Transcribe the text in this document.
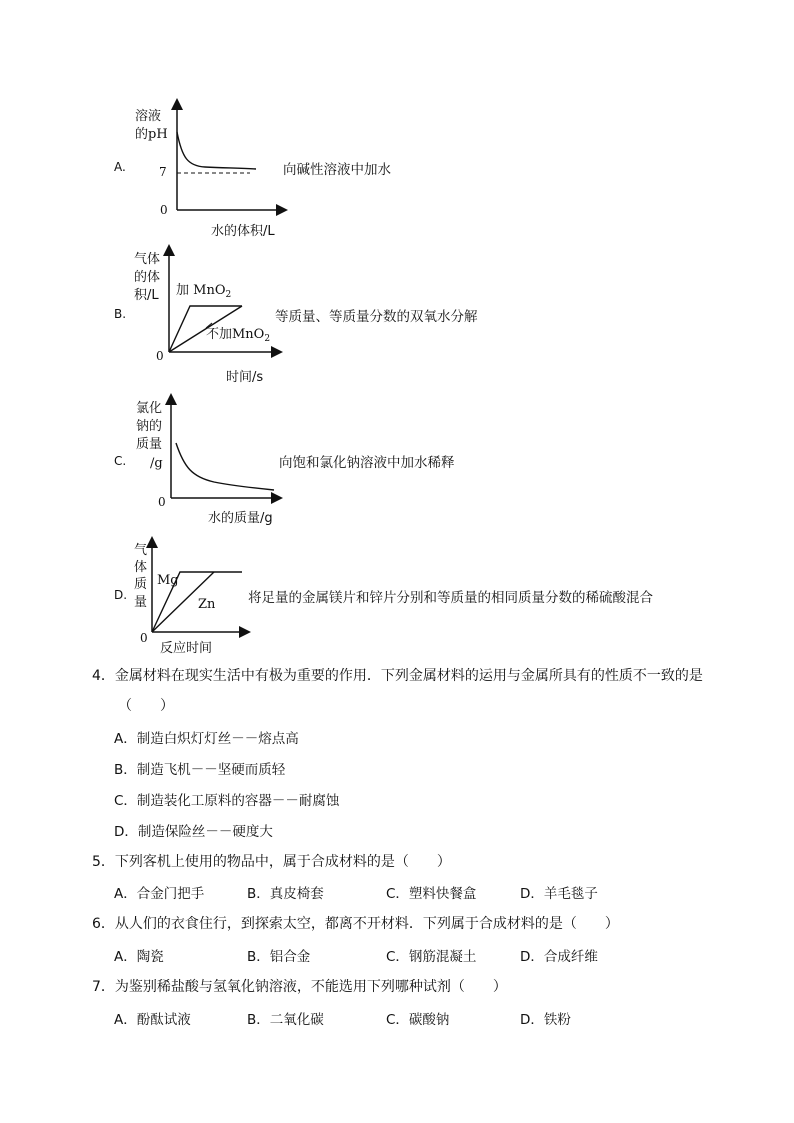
A.
溶液
的pH
7
0
水的体积/L
向碱性溶液中加水
B.
气体
的体
积/L
0
加 MnO$_2$
不加MnO$_2$
时间/s
等质量、等质量分数的双氧水分解
C.
氯化
钠的
质量
/g
0
水的质量/g
向饱和氯化钠溶液中加水稀释
D.
气
体
质
量
0
Mg
Zn
反应时间
将足量的金属镁片和锌片分别和等质量的相同质量分数的稀硫酸混合
4．金属材料在现实生活中有极为重要的作用．下列金属材料的运用与金属所具有的性质不一致的是
（　　）
A．制造白炽灯灯丝－－熔点高
B．制造飞机－－坚硬而质轻
C．制造装化工原料的容器－－耐腐蚀
D．制造保险丝－－硬度大
5．下列客机上使用的物品中，属于合成材料的是（　　）
A．合金门把手	B．真皮椅套	C．塑料快餐盒	D．羊毛毯子
6．从人们的衣食住行，到探索太空，都离不开材料．下列属于合成材料的是（　　）
A．陶瓷	B．铝合金	C．钢筋混凝土	D．合成纤维
7．为鉴别稀盐酸与氢氧化钠溶液，不能选用下列哪种试剂（　　）
A．酚酞试液	B．二氧化碳	C．碳酸钠	D．铁粉
